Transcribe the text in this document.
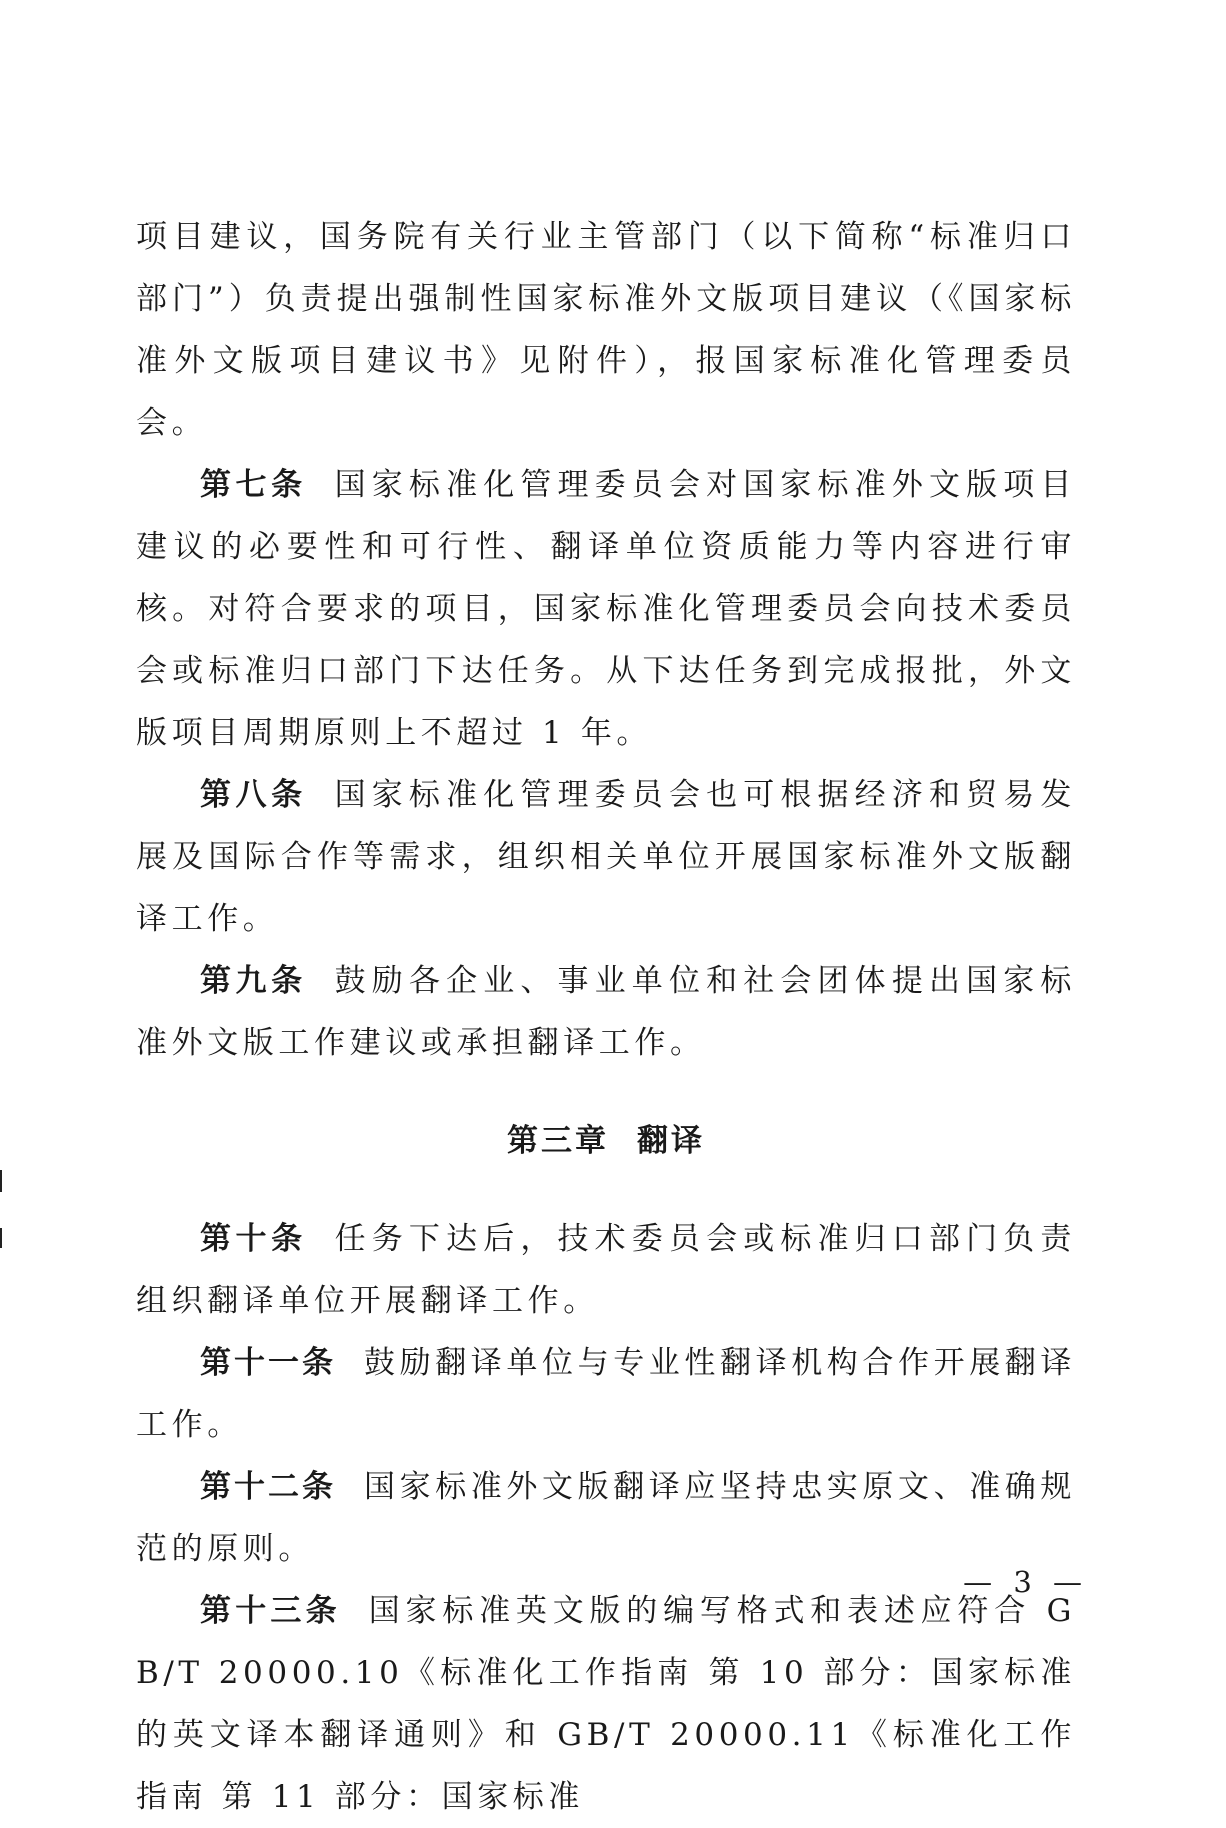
项目建议，国务院有关行业主管部门（以下简称“标准归口部门”）负责提出强制性国家标准外文版项目建议（《国家标准外文版项目建议书》见附件），报国家标准化管理委员会。

第七条 国家标准化管理委员会对国家标准外文版项目建议的必要性和可行性、翻译单位资质能力等内容进行审核。对符合要求的项目，国家标准化管理委员会向技术委员会或标准归口部门下达任务。从下达任务到完成报批，外文版项目周期原则上不超过 1 年。

第八条 国家标准化管理委员会也可根据经济和贸易发展及国际合作等需求，组织相关单位开展国家标准外文版翻译工作。

第九条 鼓励各企业、事业单位和社会团体提出国家标准外文版工作建议或承担翻译工作。

第三章 翻译

第十条 任务下达后，技术委员会或标准归口部门负责组织翻译单位开展翻译工作。

第十一条 鼓励翻译单位与专业性翻译机构合作开展翻译工作。

第十二条 国家标准外文版翻译应坚持忠实原文、准确规范的原则。

第十三条 国家标准英文版的编写格式和表述应符合 GB/T 20000.10《标准化工作指南 第 10 部分：国家标准的英文译本翻译通则》和 GB/T 20000.11《标准化工作指南 第 11 部分：国家标准

— 3 —
